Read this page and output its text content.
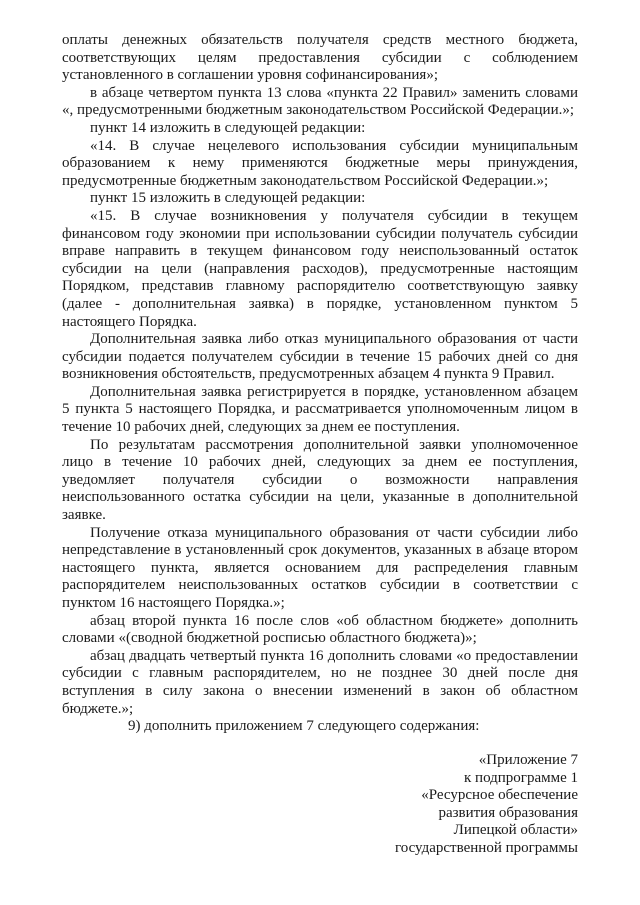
оплаты денежных обязательств получателя средств местного бюджета, соответствующих целям предоставления субсидии с соблюдением установленного в соглашении уровня софинансирования»;

в абзаце четвертом пункта 13 слова «пункта 22 Правил» заменить словами «, предусмотренными бюджетным законодательством Российской Федерации.»;

пункт 14 изложить в следующей редакции:

«14. В случае нецелевого использования субсидии муниципальным образованием к нему применяются бюджетные меры принуждения, предусмотренные бюджетным законодательством Российской Федерации.»;

пункт 15 изложить в следующей редакции:

«15. В случае возникновения у получателя субсидии в текущем финансовом году экономии при использовании субсидии получатель субсидии вправе направить в текущем финансовом году неиспользованный остаток субсидии на цели (направления расходов), предусмотренные настоящим Порядком, представив главному распорядителю соответствующую заявку (далее - дополнительная заявка) в порядке, установленном пунктом 5 настоящего Порядка.

Дополнительная заявка либо отказ муниципального образования от части субсидии подается получателем субсидии в течение 15 рабочих дней со дня возникновения обстоятельств, предусмотренных абзацем 4 пункта 9 Правил.

Дополнительная заявка регистрируется в порядке, установленном абзацем 5 пункта 5 настоящего Порядка, и рассматривается уполномоченным лицом в течение 10 рабочих дней, следующих за днем ее поступления.

По результатам рассмотрения дополнительной заявки уполномоченное лицо в течение 10 рабочих дней, следующих за днем ее поступления, уведомляет получателя субсидии о возможности направления неиспользованного остатка субсидии на цели, указанные в дополнительной заявке.

Получение отказа муниципального образования от части субсидии либо непредставление в установленный срок документов, указанных в абзаце втором настоящего пункта, является основанием для распределения главным распорядителем неиспользованных остатков субсидии в соответствии с пунктом 16 настоящего Порядка.»;

абзац второй пункта 16 после слов «об областном бюджете» дополнить словами «(сводной бюджетной росписью областного бюджета)»;

абзац двадцать четвертый пункта 16 дополнить словами «о предоставлении субсидии с главным распорядителем, но не позднее 30 дней после дня вступления в силу закона о внесении изменений в закон об областном бюджете.»;

9) дополнить приложением 7 следующего содержания:

«Приложение 7
к подпрограмме 1
«Ресурсное обеспечение
развития образования
Липецкой области»
государственной программы
